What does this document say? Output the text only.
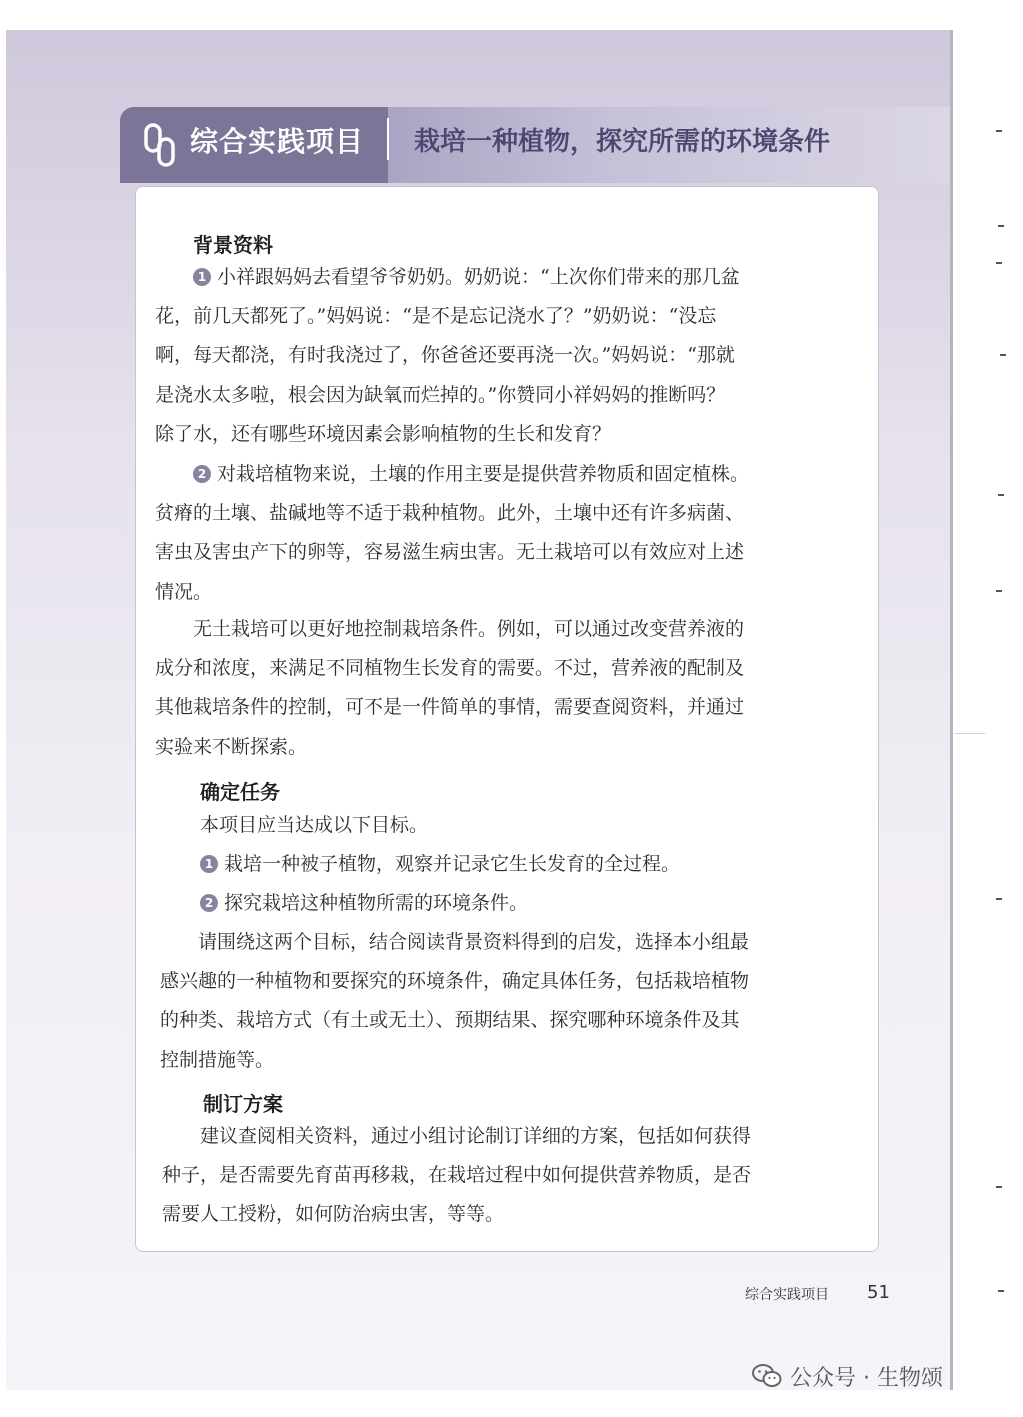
综合实践项目 栽培一种植物，探究所需的环境条件
背景资料
1 小祥跟妈妈去看望爷爷奶奶。奶奶说：“上次你们带来的那几盆
花，前几天都死了。”妈妈说：“是不是忘记浇水了？”奶奶说：“没忘
啊，每天都浇，有时我浇过了，你爸爸还要再浇一次。”妈妈说：“那就
是浇水太多啦，根会因为缺氧而烂掉的。”你赞同小祥妈妈的推断吗？
除了水，还有哪些环境因素会影响植物的生长和发育？
2 对栽培植物来说，土壤的作用主要是提供营养物质和固定植株。
贫瘠的土壤、盐碱地等不适于栽种植物。此外，土壤中还有许多病菌、
害虫及害虫产下的卵等，容易滋生病虫害。无土栽培可以有效应对上述
情况。
无土栽培可以更好地控制栽培条件。例如，可以通过改变营养液的
成分和浓度，来满足不同植物生长发育的需要。不过，营养液的配制及
其他栽培条件的控制，可不是一件简单的事情，需要查阅资料，并通过
实验来不断探索。
确定任务
本项目应当达成以下目标。
1 栽培一种被子植物，观察并记录它生长发育的全过程。
2 探究栽培这种植物所需的环境条件。
请围绕这两个目标，结合阅读背景资料得到的启发，选择本小组最
感兴趣的一种植物和要探究的环境条件，确定具体任务，包括栽培植物
的种类、栽培方式（有土或无土）、预期结果、探究哪种环境条件及其
控制措施等。
制订方案
建议查阅相关资料，通过小组讨论制订详细的方案，包括如何获得
种子，是否需要先育苗再移栽，在栽培过程中如何提供营养物质，是否
需要人工授粉，如何防治病虫害，等等。
综合实践项目 51
公众号 · 生物颂
